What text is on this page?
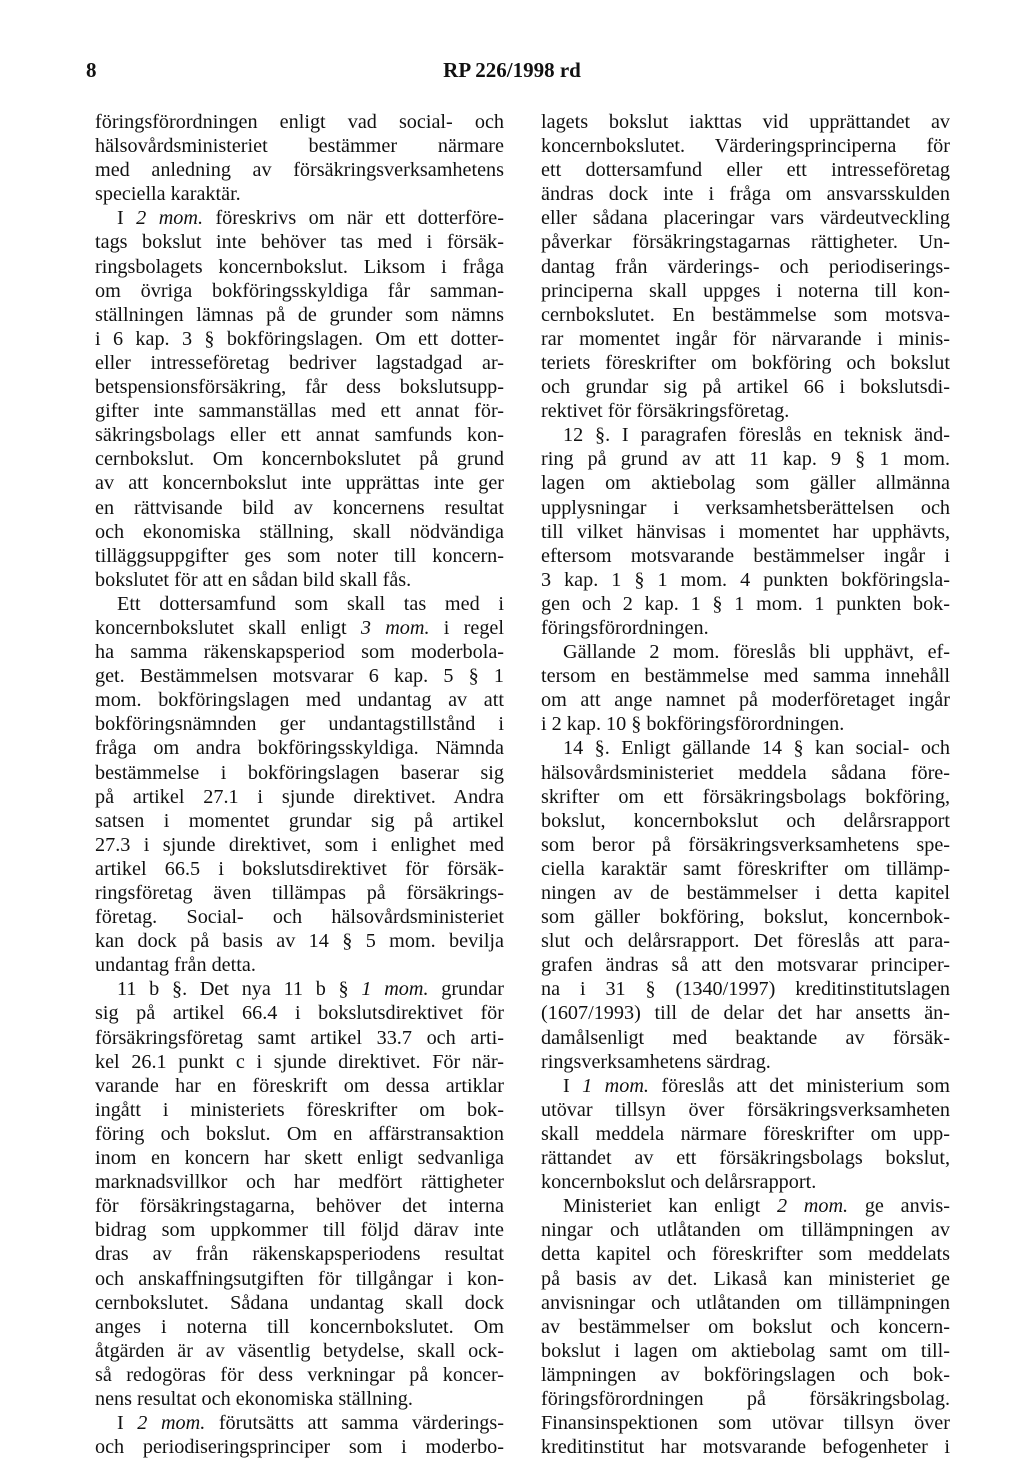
8	RP 226/1998 rd
föringsförordningen enligt vad social- och
hälsovårdsministeriet bestämmer närmare
med anledning av försäkringsverksamhetens
speciella karaktär.
I 2 mom. föreskrivs om när ett dotterföre-
tags bokslut inte behöver tas med i försäk-
ringsbolagets koncernbokslut. Liksom i fråga
om övriga bokföringsskyldiga får samman-
ställningen lämnas på de grunder som nämns
i 6 kap. 3 § bokföringslagen. Om ett dotter-
eller intresseföretag bedriver lagstadgad ar-
betspensionsförsäkring, får dess bokslutsupp-
gifter inte sammanställas med ett annat för-
säkringsbolags eller ett annat samfunds kon-
cernbokslut. Om koncernbokslutet på grund
av att koncernbokslut inte upprättas inte ger
en rättvisande bild av koncernens resultat
och ekonomiska ställning, skall nödvändiga
tilläggsuppgifter ges som noter till koncern-
bokslutet för att en sådan bild skall fås.
Ett dottersamfund som skall tas med i
koncernbokslutet skall enligt 3 mom. i regel
ha samma räkenskapsperiod som moderbola-
get. Bestämmelsen motsvarar 6 kap. 5 § 1
mom. bokföringslagen med undantag av att
bokföringsnämnden ger undantagstillstånd i
fråga om andra bokföringsskyldiga. Nämnda
bestämmelse i bokföringslagen baserar sig
på artikel 27.1 i sjunde direktivet. Andra
satsen i momentet grundar sig på artikel
27.3 i sjunde direktivet, som i enlighet med
artikel 66.5 i bokslutsdirektivet för försäk-
ringsföretag även tillämpas på försäkrings-
företag. Social- och hälsovårdsministeriet
kan dock på basis av 14 § 5 mom. bevilja
undantag från detta.
11 b §. Det nya 11 b § 1 mom. grundar
sig på artikel 66.4 i bokslutsdirektivet för
försäkringsföretag samt artikel 33.7 och arti-
kel 26.1 punkt c i sjunde direktivet. För när-
varande har en föreskrift om dessa artiklar
ingått i ministeriets föreskrifter om bok-
föring och bokslut. Om en affärstransaktion
inom en koncern har skett enligt sedvanliga
marknadsvillkor och har medfört rättigheter
för försäkringstagarna, behöver det interna
bidrag som uppkommer till följd därav inte
dras av från räkenskapsperiodens resultat
och anskaffningsutgiften för tillgångar i kon-
cernbokslutet. Sådana undantag skall dock
anges i noterna till koncernbokslutet. Om
åtgärden är av väsentlig betydelse, skall ock-
så redogöras för dess verkningar på koncer-
nens resultat och ekonomiska ställning.
I 2 mom. förutsätts att samma värderings-
och periodiseringsprinciper som i moderbo-
lagets bokslut iakttas vid upprättandet av
koncernbokslutet. Värderingsprinciperna för
ett dottersamfund eller ett intresseföretag
ändras dock inte i fråga om ansvarsskulden
eller sådana placeringar vars värdeutveckling
påverkar försäkringstagarnas rättigheter. Un-
dantag från värderings- och periodiserings-
principerna skall uppges i noterna till kon-
cernbokslutet. En bestämmelse som motsva-
rar momentet ingår för närvarande i minis-
teriets föreskrifter om bokföring och bokslut
och grundar sig på artikel 66 i bokslutsdi-
rektivet för försäkringsföretag.
12 §. I paragrafen föreslås en teknisk änd-
ring på grund av att 11 kap. 9 § 1 mom.
lagen om aktiebolag som gäller allmänna
upplysningar i verksamhetsberättelsen och
till vilket hänvisas i momentet har upphävts,
eftersom motsvarande bestämmelser ingår i
3 kap. 1 § 1 mom. 4 punkten bokföringsla-
gen och 2 kap. 1 § 1 mom. 1 punkten bok-
föringsförordningen.
Gällande 2 mom. föreslås bli upphävt, ef-
tersom en bestämmelse med samma innehåll
om att ange namnet på moderföretaget ingår
i 2 kap. 10 § bokföringsförordningen.
14 §. Enligt gällande 14 § kan social- och
hälsovårdsministeriet meddela sådana före-
skrifter om ett försäkringsbolags bokföring,
bokslut, koncernbokslut och delårsrapport
som beror på försäkringsverksamhetens spe-
ciella karaktär samt föreskrifter om tillämp-
ningen av de bestämmelser i detta kapitel
som gäller bokföring, bokslut, koncernbok-
slut och delårsrapport. Det föreslås att para-
grafen ändras så att den motsvarar principer-
na i 31 § (1340/1997) kreditinstitutslagen
(1607/1993) till de delar det har ansetts än-
damålsenligt med beaktande av försäk-
ringsverksamhetens särdrag.
I 1 mom. föreslås att det ministerium som
utövar tillsyn över försäkringsverksamheten
skall meddela närmare föreskrifter om upp-
rättandet av ett försäkringsbolags bokslut,
koncernbokslut och delårsrapport.
Ministeriet kan enligt 2 mom. ge anvis-
ningar och utlåtanden om tillämpningen av
detta kapitel och föreskrifter som meddelats
på basis av det. Likaså kan ministeriet ge
anvisningar och utlåtanden om tillämpningen
av bestämmelser om bokslut och koncern-
bokslut i lagen om aktiebolag samt om till-
lämpningen av bokföringslagen och bok-
föringsförordningen på försäkringsbolag.
Finansinspektionen som utövar tillsyn över
kreditinstitut har motsvarande befogenheter i
